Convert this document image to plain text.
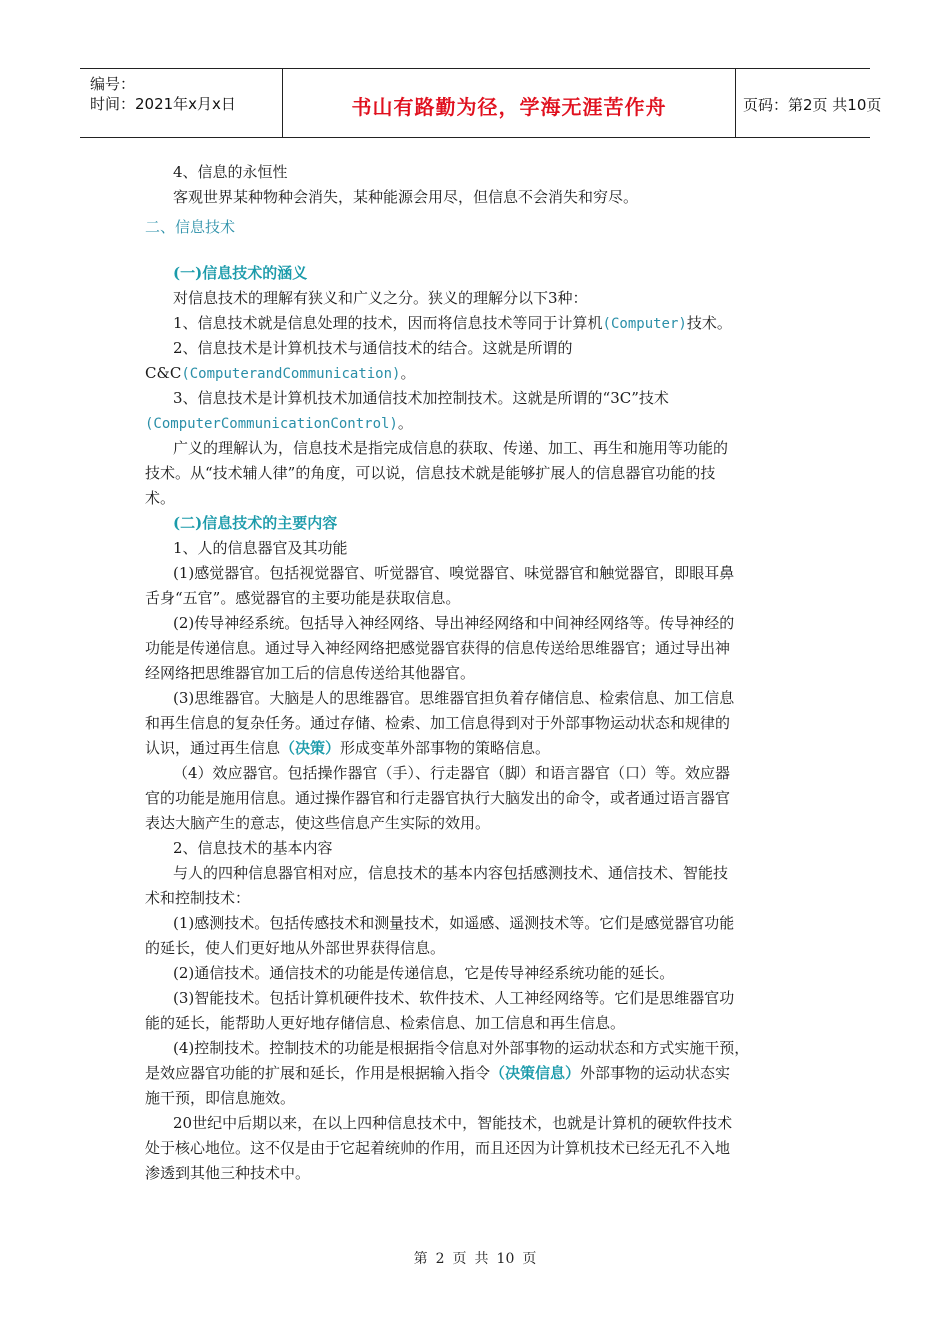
编号：
时间：2021年x月x日	书山有路勤为径，学海无涯苦作舟	页码：第2页 共10页
4、信息的永恒性
客观世界某种物种会消失，某种能源会用尽，但信息不会消失和穷尽。
二、信息技术
(一)信息技术的涵义
对信息技术的理解有狭义和广义之分。狭义的理解分以下3种：
1、信息技术就是信息处理的技术，因而将信息技术等同于计算机(Computer)技术。
2、信息技术是计算机技术与通信技术的结合。这就是所谓的
C&C(ComputerandCommunication)。
3、信息技术是计算机技术加通信技术加控制技术。这就是所谓的“3C”技术
(ComputerCommunicationControl)。
广义的理解认为，信息技术是指完成信息的获取、传递、加工、再生和施用等功能的
技术。从“技术辅人律”的角度，可以说，信息技术就是能够扩展人的信息器官功能的技
术。
(二)信息技术的主要内容
1、人的信息器官及其功能
(1)感觉器官。包括视觉器官、听觉器官、嗅觉器官、味觉器官和触觉器官，即眼耳鼻
舌身“五官”。感觉器官的主要功能是获取信息。
(2)传导神经系统。包括导入神经网络、导出神经网络和中间神经网络等。传导神经的
功能是传递信息。通过导入神经网络把感觉器官获得的信息传送给思维器官；通过导出神
经网络把思维器官加工后的信息传送给其他器官。
(3)思维器官。大脑是人的思维器官。思维器官担负着存储信息、检索信息、加工信息
和再生信息的复杂任务。通过存储、检索、加工信息得到对于外部事物运动状态和规律的
认识，通过再生信息（决策）形成变革外部事物的策略信息。
（4）效应器官。包括操作器官（手）、行走器官（脚）和语言器官（口）等。效应器
官的功能是施用信息。通过操作器官和行走器官执行大脑发出的命令，或者通过语言器官
表达大脑产生的意志，使这些信息产生实际的效用。
2、信息技术的基本内容
与人的四种信息器官相对应，信息技术的基本内容包括感测技术、通信技术、智能技
术和控制技术：
(1)感测技术。包括传感技术和测量技术，如遥感、遥测技术等。它们是感觉器官功能
的延长，使人们更好地从外部世界获得信息。
(2)通信技术。通信技术的功能是传递信息，它是传导神经系统功能的延长。
(3)智能技术。包括计算机硬件技术、软件技术、人工神经网络等。它们是思维器官功
能的延长，能帮助人更好地存储信息、检索信息、加工信息和再生信息。
(4)控制技术。控制技术的功能是根据指令信息对外部事物的运动状态和方式实施干预，
是效应器官功能的扩展和延长，作用是根据输入指令（决策信息）外部事物的运动状态实
施干预，即信息施效。
20世纪中后期以来，在以上四种信息技术中，智能技术，也就是计算机的硬软件技术
处于核心地位。这不仅是由于它起着统帅的作用，而且还因为计算机技术已经无孔不入地
渗透到其他三种技术中。
第 2 页 共 10 页
